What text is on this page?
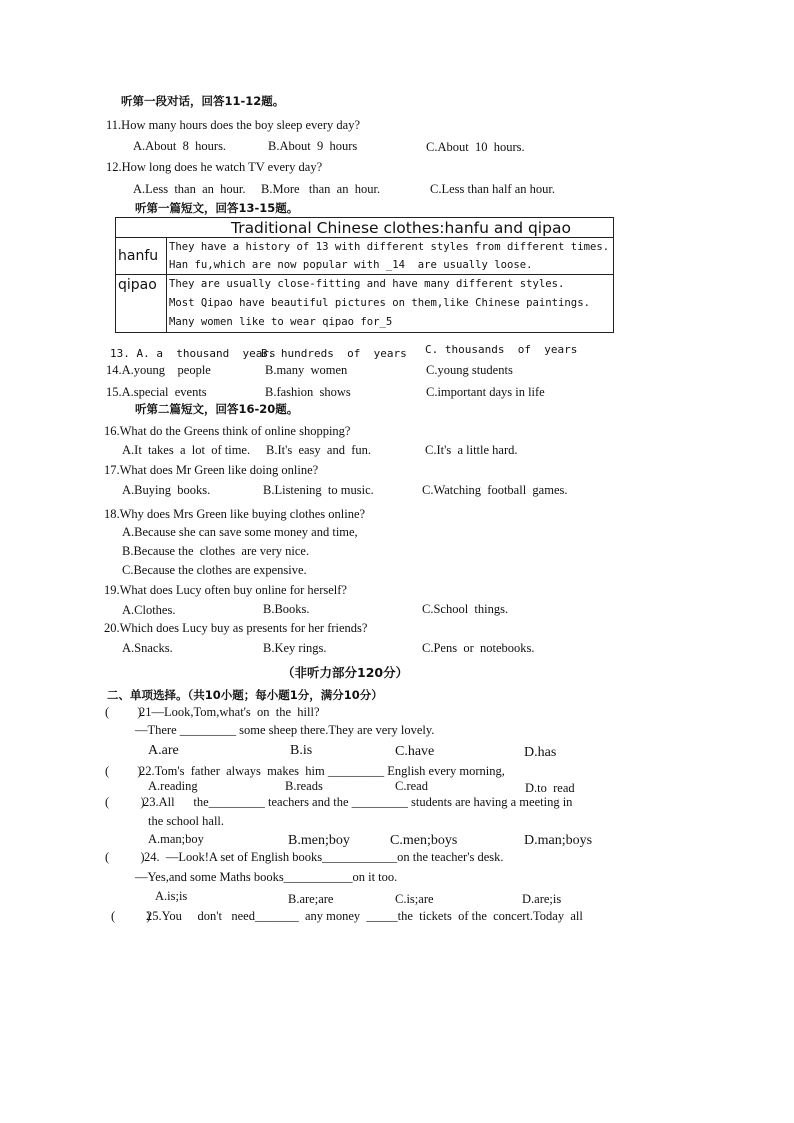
听第一段对话，回答11-12题。
11.How many hours does the boy sleep every day?
A.About  8  hours.	B.About  9  hours	C.About  10  hours.
12.How long does he watch TV every day?
A.Less  than  an  hour. B.More   than  an  hour.	C.Less than half an hour.
听第一篇短文，回答13-15题。
Traditional Chinese clothes:hanfu and qipao	
hanfu	They have a history of 13 with different styles from different times.
Han fu,which are now popular with _14  are usually loose.

qipao	They are usually close-fitting and have many different styles.
Most Qipao have beautiful pictures on them,like Chinese paintings.
Many women like to wear qipao for_5
13. A. a  thousand  years
B. hundreds  of  years C. thousands  of  years
14.A.young    people	B.many  women	C.young students
15.A.special  events	B.fashion  shows	C.important days in life
听第二篇短文，回答16-20题。
16.What do the Greens think of online shopping?
A.It  takes  a  lot  of time. B.It's  easy  and  fun.	C.It's  a little hard.
17.What does Mr Green like doing online?
A.Buying  books.	B.Listening  to music.	C.Watching  football  games.
18.Why does Mrs Green like buying clothes online?
A.Because she can save some money and time,
B.Because the  clothes  are very nice.
C.Because the clothes are expensive.
19.What does Lucy often buy online for herself?
A.Clothes.	B.Books.	C.School  things.
20.Which does Lucy buy as presents for her friends?
A.Snacks.	B.Key rings.	C.Pens  or  notebooks.
（非听力部分120分）
二、单项选择。（共10小题；每小题1分，满分10分）
(         )
21—Look,Tom,what's  on  the  hill?
—There _________ some sheep there.They are very lovely.
A.are	B.is	C.have	D.has
(         )
22.Tom's  father  always  makes  him _________ English every morning,
A.reading	B.reads	C.read	D.to  read
(          )
23.All      the_________ teachers and the _________ students are having a meeting in
the school hall.
A.man;boy	B.men;boy	C.men;boys	D.man;boys
(          ) 24.  —Look!A set of English books____________on the teacher's desk.
—Yes,and some Maths books___________on it too.
A.is;is	B.are;are	C.is;are	D.are;is
(          )
25.You     don't   need_______  any money  _____the  tickets  of the  concert.Today  all
